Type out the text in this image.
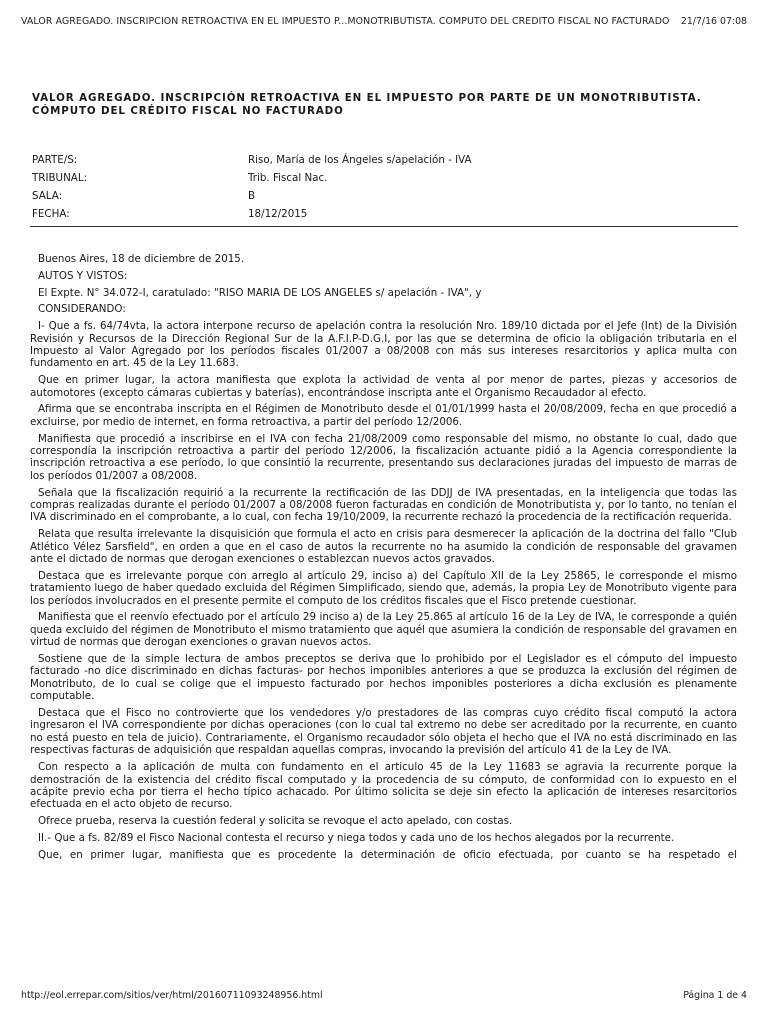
VALOR AGREGADO. INSCRIPCION RETROACTIVA EN EL IMPUESTO P...MONOTRIBUTISTA. COMPUTO DEL CREDITO FISCAL NO FACTURADO 21/7/16 07:08
VALOR AGREGADO. INSCRIPCIÓN RETROACTIVA EN EL IMPUESTO POR PARTE DE UN MONOTRIBUTISTA. CÓMPUTO DEL CRÉDITO FISCAL NO FACTURADO
PARTE/S:	Riso, María de los Ángeles s/apelación - IVA
TRIBUNAL:	Trib. Fiscal Nac.
SALA:	B
FECHA:	18/12/2015

Buenos Aires, 18 de diciembre de 2015.

AUTOS Y VISTOS:

El Expte. N° 34.072-I, caratulado: "RISO MARIA DE LOS ANGELES s/ apelación - IVA", y

CONSIDERANDO:

I- Que a fs. 64/74vta, la actora interpone recurso de apelación contra la resolución Nro. 189/10 dictada por el Jefe (Int) de la División Revisión y Recursos de la Dirección Regional Sur de la A.F.I.P-D.G.I, por las que se determina de oficio la obligación tributaria en el Impuesto al Valor Agregado por los períodos fiscales 01/2007 a 08/2008 con más sus intereses resarcitorios y aplica multa con fundamento en art. 45 de la Ley 11.683.

Que en primer lugar, la actora manifiesta que explota la actividad de venta al por menor de partes, piezas y accesorios de automotores (excepto cámaras cubiertas y baterías), encontrándose inscripta ante el Organismo Recaudador al efecto.

Afirma que se encontraba inscripta en el Régimen de Monotributo desde el 01/01/1999 hasta el 20/08/2009, fecha en que procedió a excluirse, por medio de internet, en forma retroactiva, a partir del período 12/2006.

Manifiesta que procedió a inscribirse en el IVA con fecha 21/08/2009 como responsable del mismo, no obstante lo cual, dado que correspondía la inscripción retroactiva a partir del período 12/2006, la fiscalización actuante pidió a la Agencia correspondiente la inscripción retroactiva a ese período, lo que consintió la recurrente, presentando sus declaraciones juradas del impuesto de marras de los períodos 01/2007 a 08/2008.

Señala que la fiscalización requirió a la recurrente la rectificación de las DDJJ de IVA presentadas, en la inteligencia que todas las compras realizadas durante el período 01/2007 a 08/2008 fueron facturadas en condición de Monotributista y, por lo tanto, no tenían el IVA discriminado en el comprobante, a lo cual, con fecha 19/10/2009, la recurrente rechazó la procedencia de la rectificación requerida.

Relata que resulta irrelevante la disquisición que formula el acto en crisis para desmerecer la aplicación de la doctrina del fallo "Club Atlético Vélez Sarsfield", en orden a que en el caso de autos la recurrente no ha asumido la condición de responsable del gravamen ante el dictado de normas que derogan exenciones o establezcan nuevos actos gravados.

Destaca que es irrelevante porque con arreglo al artículo 29, inciso a) del Capítulo XII de la Ley 25865, le corresponde el mismo tratamiento luego de haber quedado excluida del Régimen Simplificado, siendo que, además, la propia Ley de Monotributo vigente para los períodos involucrados en el presente permite el computo de los créditos fiscales que el Fisco pretende cuestionar.

Manifiesta que el reenvío efectuado por el artículo 29 inciso a) de la Ley 25.865 al artículo 16 de la Ley de IVA, le corresponde a quién queda excluido del régimen de Monotributo el mismo tratamiento que aquél que asumiera la condición de responsable del gravamen en virtud de normas que derogan exenciones o gravan nuevos actos.

Sostiene que de la simple lectura de ambos preceptos se deriva que lo prohibido por el Legislador es el cómputo del impuesto facturado -no dice discriminado en dichas facturas- por hechos imponibles anteriores a que se produzca la exclusión del régimen de Monotributo, de lo cual se colige que el impuesto facturado por hechos imponibles posteriores a dicha exclusión es plenamente computable.

Destaca que el Fisco no controvierte que los vendedores y/o prestadores de las compras cuyo crédito fiscal computó la actora ingresaron el IVA correspondiente por dichas operaciones (con lo cual tal extremo no debe ser acreditado por la recurrente, en cuanto no está puesto en tela de juicio). Contrariamente, el Organismo recaudador sólo objeta el hecho que el IVA no está discriminado en las respectivas facturas de adquisición que respaldan aquellas compras, invocando la previsión del artículo 41 de la Ley de IVA.

Con respecto a la aplicación de multa con fundamento en el articulo 45 de la Ley 11683 se agravia la recurrente porque la demostración de la existencia del crédito fiscal computado y la procedencia de su cómputo, de conformidad con lo expuesto en el acápite previo echa por tierra el hecho típico achacado. Por último solicita se deje sin efecto la aplicación de intereses resarcitorios efectuada en el acto objeto de recurso.

Ofrece prueba, reserva la cuestión federal y solicita se revoque el acto apelado, con costas.

II.- Que a fs. 82/89 el Fisco Nacional contesta el recurso y niega todos y cada uno de los hechos alegados por la recurrente.

Que, en primer lugar, manifiesta que es procedente la determinación de oficio efectuada, por cuanto se ha respetado el

http://eol.errepar.com/sitios/ver/html/20160711093248956.html	Página 1 de 4
